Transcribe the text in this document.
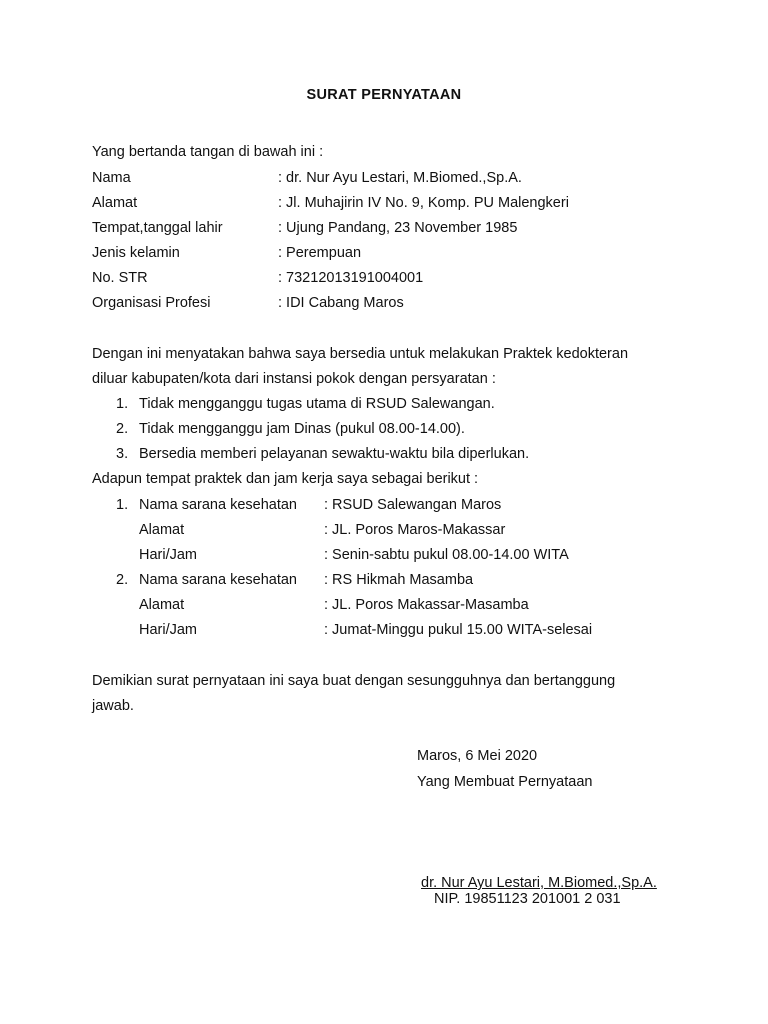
SURAT PERNYATAAN
Yang bertanda tangan di bawah ini :
Nama	: dr. Nur Ayu Lestari, M.Biomed.,Sp.A.
Alamat	: Jl. Muhajirin IV No. 9, Komp. PU Malengkeri
Tempat,tanggal lahir	: Ujung Pandang, 23 November 1985
Jenis kelamin	: Perempuan
No. STR	: 73212013191004001
Organisasi Profesi	: IDI Cabang Maros
Dengan ini menyatakan bahwa saya bersedia untuk melakukan Praktek kedokteran
diluar kabupaten/kota dari instansi pokok dengan persyaratan :
1. Tidak mengganggu tugas utama di RSUD Salewangan.
2. Tidak mengganggu jam Dinas (pukul 08.00-14.00).
3. Bersedia memberi pelayanan sewaktu-waktu bila diperlukan.
Adapun tempat praktek dan jam kerja saya sebagai berikut :
1. Nama sarana kesehatan : RSUD Salewangan Maros
Alamat	: JL. Poros Maros-Makassar
Hari/Jam	: Senin-sabtu pukul 08.00-14.00 WITA
2. Nama sarana kesehatan : RS Hikmah Masamba
Alamat	: JL. Poros Makassar-Masamba
Hari/Jam	: Jumat-Minggu pukul 15.00 WITA-selesai
Demikian surat pernyataan ini saya buat dengan sesungguhnya dan bertanggung
jawab.
Maros, 6 Mei 2020
Yang Membuat Pernyataan
dr. Nur Ayu Lestari, M.Biomed.,Sp.A.
NIP. 19851123 201001 2 031
